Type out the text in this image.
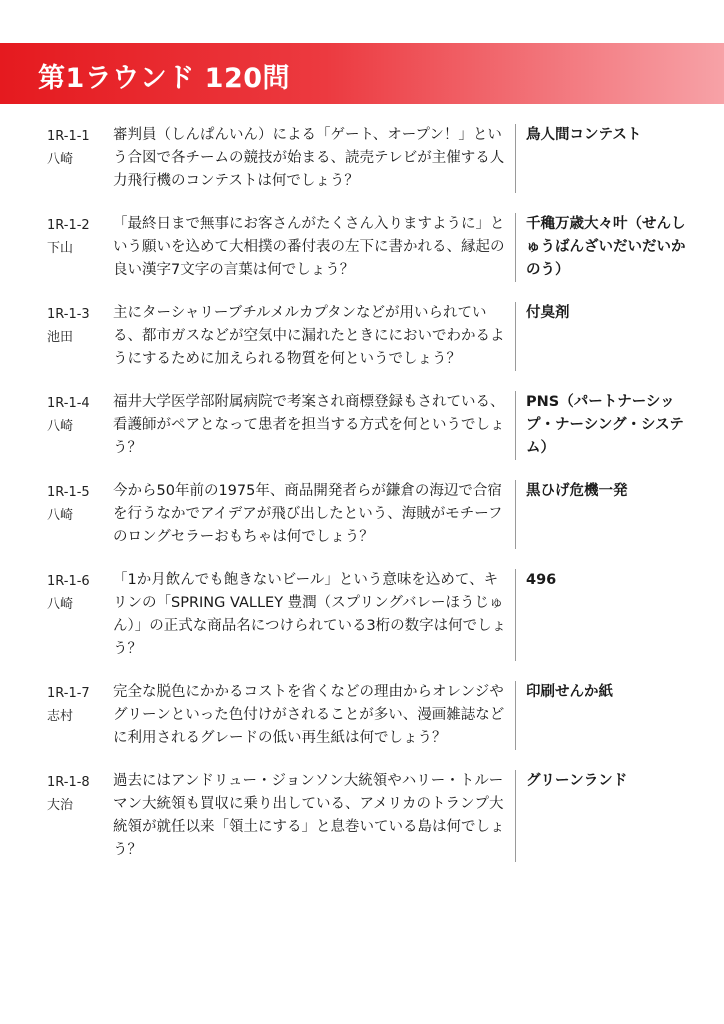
第1ラウンド 120問
1R-1-1
八崎
審判員（しんぱんいん）による「ゲート、オープン！」という合図で各チームの競技が始まる、読売テレビが主催する人力飛行機のコンテストは何でしょう？
鳥人間コンテスト
1R-1-2
下山
「最終日まで無事にお客さんがたくさん入りますように」という願いを込めて大相撲の番付表の左下に書かれる、縁起の良い漢字7文字の言葉は何でしょう？
千穐万歳大々叶（せんしゅうばんざいだいだいかのう）
1R-1-3
池田
主にターシャリーブチルメルカプタンなどが用いられている、都市ガスなどが空気中に漏れたときににおいでわかるようにするために加えられる物質を何というでしょう？
付臭剤
1R-1-4
八崎
福井大学医学部附属病院で考案され商標登録もされている、看護師がペアとなって患者を担当する方式を何というでしょう？
PNS（パートナーシップ・ナーシング・システム）
1R-1-5
八崎
今から50年前の1975年、商品開発者らが鎌倉の海辺で合宿を行うなかでアイデアが飛び出したという、海賊がモチーフのロングセラーおもちゃは何でしょう？
黒ひげ危機一発
1R-1-6
八崎
「1か月飲んでも飽きないビール」という意味を込めて、キリンの「SPRING VALLEY 豊潤（スプリングバレーほうじゅん）」の正式な商品名につけられている3桁の数字は何でしょう？
496
1R-1-7
志村
完全な脱色にかかるコストを省くなどの理由からオレンジやグリーンといった色付けがされることが多い、漫画雑誌などに利用されるグレードの低い再生紙は何でしょう？
印刷せんか紙
1R-1-8
大治
過去にはアンドリュー・ジョンソン大統領やハリー・トルーマン大統領も買収に乗り出している、アメリカのトランプ大統領が就任以来「領土にする」と息巻いている島は何でしょう？
グリーンランド
